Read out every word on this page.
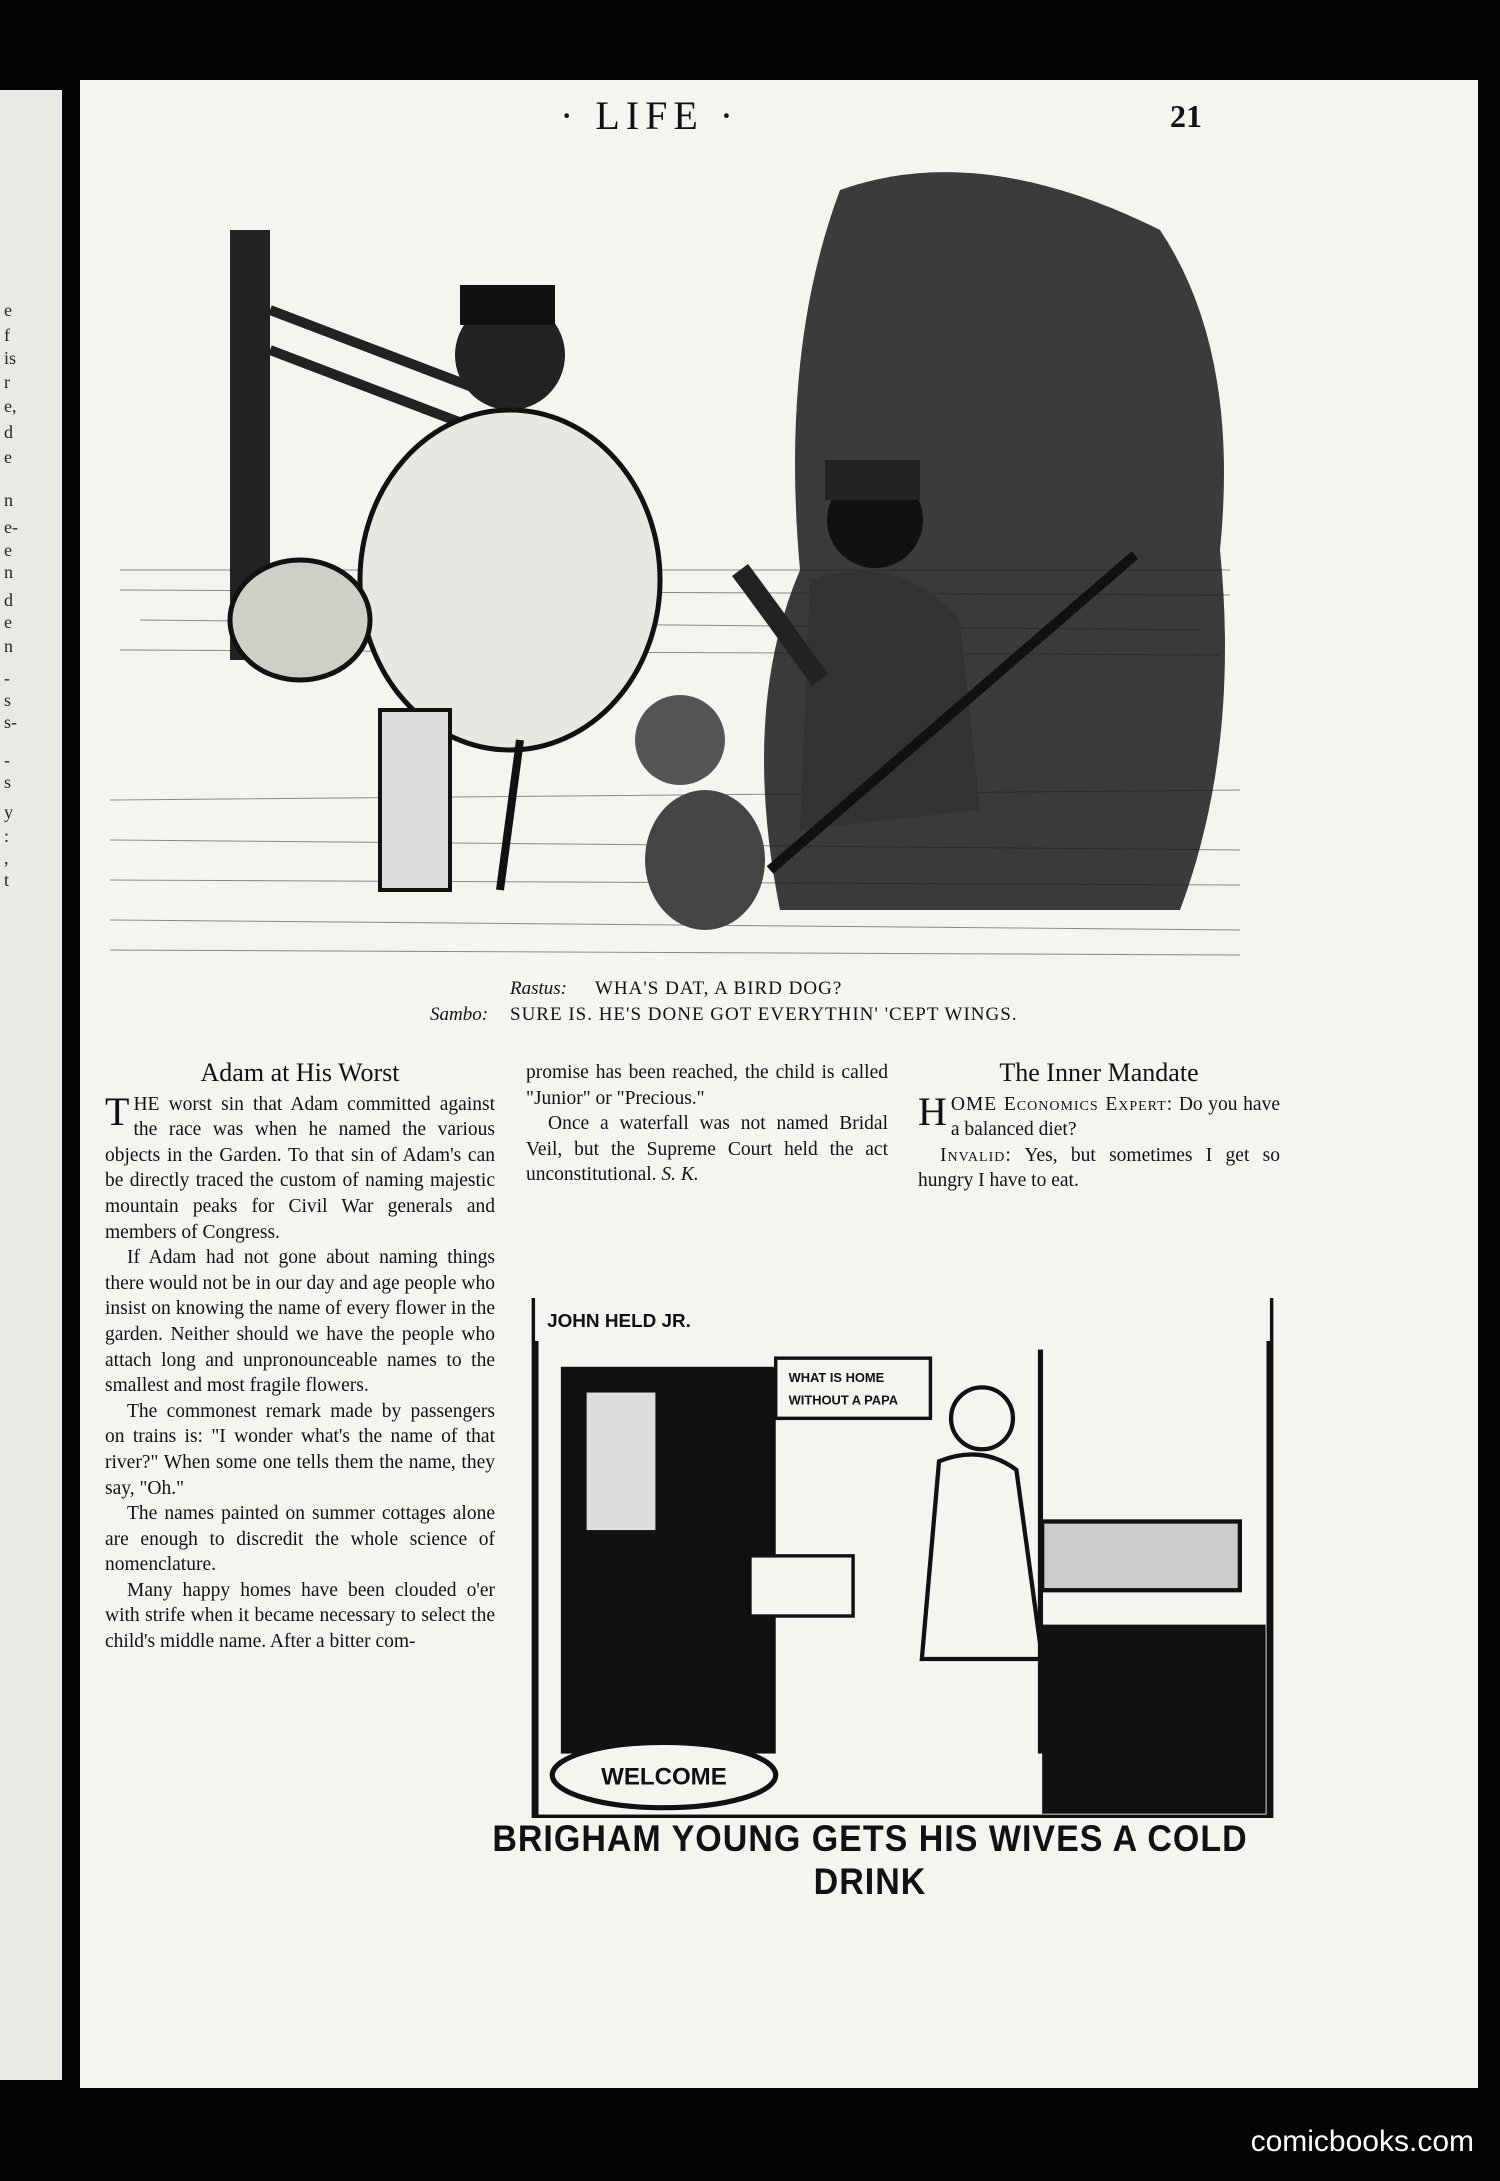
e
f
is
r
e,
d
e
n
e-
e
n
d
e
n
-
s
s-
-
s
y
:
,
t
· LIFE ·	21
Rastus: WHA'S DAT, A BIRD DOG?
Sambo: SURE IS. HE'S DONE GOT EVERYTHIN' 'CEPT WINGS.
Adam at His Worst

THE worst sin that Adam committed against the race was when he named the various objects in the Garden. To that sin of Adam's can be directly traced the custom of naming majestic mountain peaks for Civil War generals and members of Congress.

If Adam had not gone about naming things there would not be in our day and age people who insist on knowing the name of every flower in the garden. Neither should we have the people who attach long and unpronounceable names to the smallest and most fragile flowers.

The commonest remark made by passengers on trains is: "I wonder what's the name of that river?" When some one tells them the name, they say, "Oh."

The names painted on summer cottages alone are enough to discredit the whole science of nomenclature.

Many happy homes have been clouded o'er with strife when it became necessary to select the child's middle name. After a bitter com-

promise has been reached, the child is called "Junior" or "Precious."

Once a waterfall was not named Bridal Veil, but the Supreme Court held the act unconstitutional. S. K.

The Inner Mandate

HOME Economics Expert: Do you have a balanced diet?

Invalid: Yes, but sometimes I get so hungry I have to eat.

JOHN HELD JR.
WHAT IS HOME
WITHOUT A PAPA
WELCOME
BRIGHAM YOUNG GETS HIS WIVES A COLD DRINK
comicbooks.com
